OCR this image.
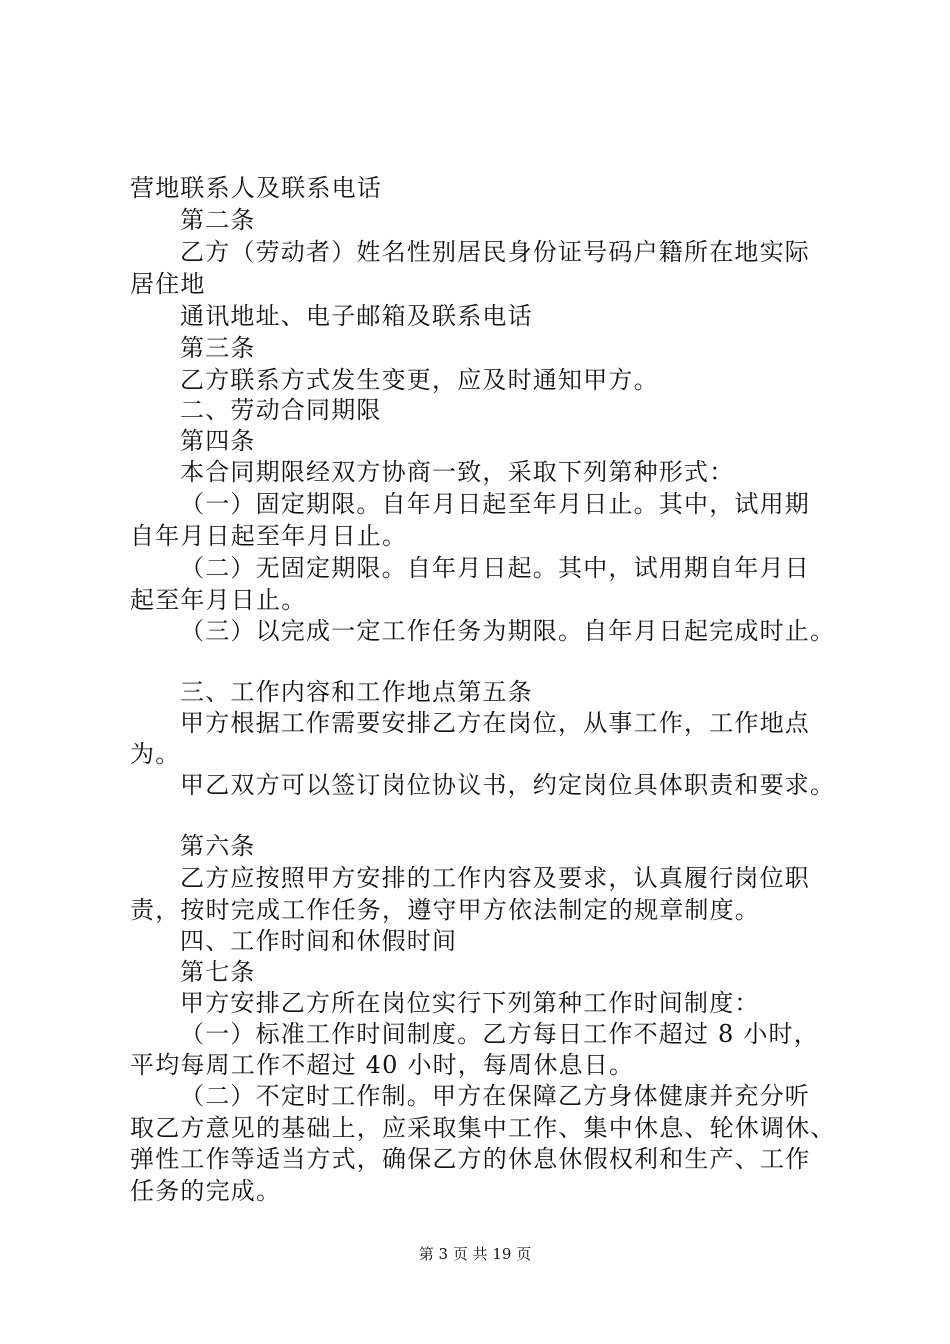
营地联系人及联系电话
第二条
乙方（劳动者）姓名性别居民身份证号码户籍所在地实际
居住地
通讯地址、电子邮箱及联系电话
第三条
乙方联系方式发生变更，应及时通知甲方。
二、劳动合同期限
第四条
本合同期限经双方协商一致，采取下列第种形式：
（一）固定期限。自年月日起至年月日止。其中，试用期
自年月日起至年月日止。
（二）无固定期限。自年月日起。其中，试用期自年月日
起至年月日止。
（三）以完成一定工作任务为期限。自年月日起完成时止。
三、工作内容和工作地点第五条
甲方根据工作需要安排乙方在岗位，从事工作，工作地点
为。
甲乙双方可以签订岗位协议书，约定岗位具体职责和要求。
第六条
乙方应按照甲方安排的工作内容及要求，认真履行岗位职
责，按时完成工作任务，遵守甲方依法制定的规章制度。
四、工作时间和休假时间
第七条
甲方安排乙方所在岗位实行下列第种工作时间制度：
（一）标准工作时间制度。乙方每日工作不超过 8 小时，
平均每周工作不超过 40 小时，每周休息日。
（二）不定时工作制。甲方在保障乙方身体健康并充分听
取乙方意见的基础上，应采取集中工作、集中休息、轮休调休、
弹性工作等适当方式，确保乙方的休息休假权利和生产、工作
任务的完成。
第 3 页 共 19 页
